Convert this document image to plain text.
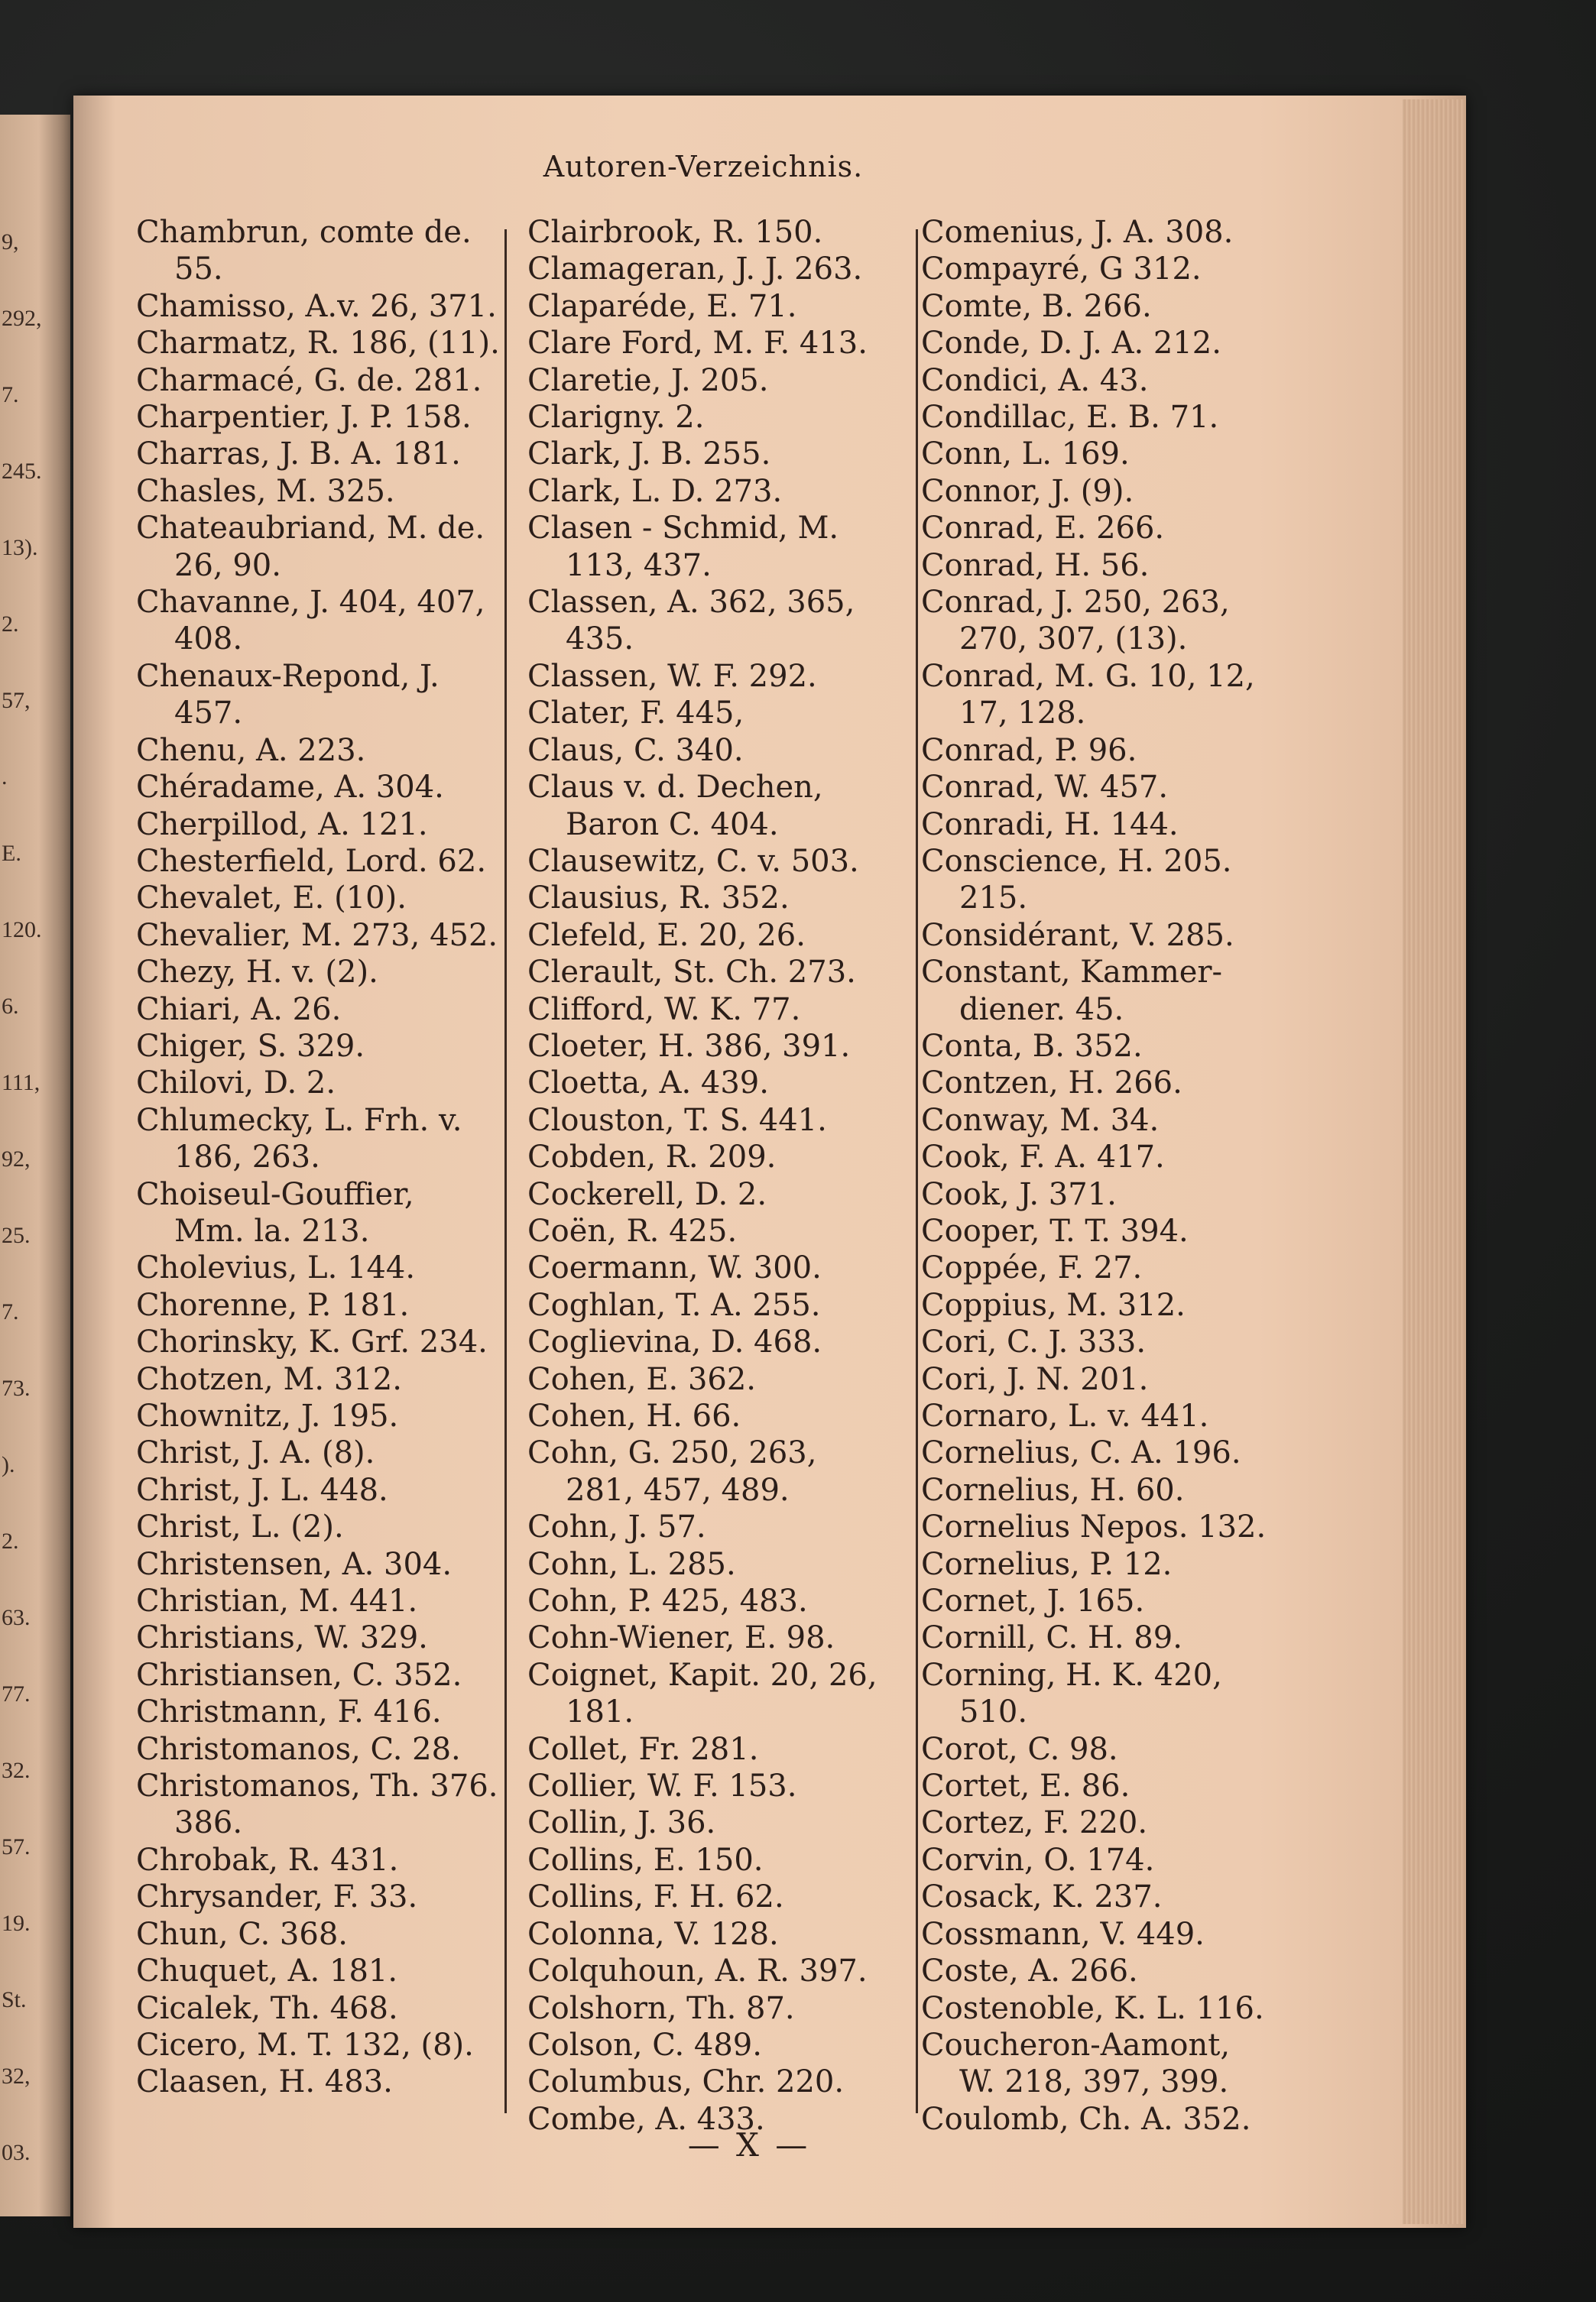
9,
292,
7.
245.
13).
2.
57,
.
E.
120.
6.
111,
92,
25.
7.
73.
).
2.
63.
77.
32.
57.
19.
St.
32,
03.
Autoren-Verzeichnis.
Chambrun, comte de.
55.
Chamisso, A.v. 26, 371.
Charmatz, R. 186, (11).
Charmacé, G. de. 281.
Charpentier, J. P. 158.
Charras, J. B. A. 181.
Chasles, M. 325.
Chateaubriand, M. de.
26, 90.
Chavanne, J. 404, 407,
408.
Chenaux-Repond, J.
457.
Chenu, A. 223.
Chéradame, A. 304.
Cherpillod, A. 121.
Chesterfield, Lord. 62.
Chevalet, E. (10).
Chevalier, M. 273, 452.
Chezy, H. v. (2).
Chiari, A. 26.
Chiger, S. 329.
Chilovi, D. 2.
Chlumecky, L. Frh. v.
186, 263.
Choiseul-Gouffier,
Mm. la. 213.
Cholevius, L. 144.
Chorenne, P. 181.
Chorinsky, K. Grf. 234.
Chotzen, M. 312.
Chownitz, J. 195.
Christ, J. A. (8).
Christ, J. L. 448.
Christ, L. (2).
Christensen, A. 304.
Christian, M. 441.
Christians, W. 329.
Christiansen, C. 352.
Christmann, F. 416.
Christomanos, C. 28.
Christomanos, Th. 376.
386.
Chrobak, R. 431.
Chrysander, F. 33.
Chun, C. 368.
Chuquet, A. 181.
Cicalek, Th. 468.
Cicero, M. T. 132, (8).
Claasen, H. 483.
Clairbrook, R. 150.
Clamageran, J. J. 263.
Claparéde, E. 71.
Clare Ford, M. F. 413.
Claretie, J. 205.
Clarigny. 2.
Clark, J. B. 255.
Clark, L. D. 273.
Clasen - Schmid, M.
113, 437.
Classen, A. 362, 365,
435.
Classen, W. F. 292.
Clater, F. 445,
Claus, C. 340.
Claus v. d. Dechen,
Baron C. 404.
Clausewitz, C. v. 503.
Clausius, R. 352.
Clefeld, E. 20, 26.
Clerault, St. Ch. 273.
Clifford, W. K. 77.
Cloeter, H. 386, 391.
Cloetta, A. 439.
Clouston, T. S. 441.
Cobden, R. 209.
Cockerell, D. 2.
Coën, R. 425.
Coermann, W. 300.
Coghlan, T. A. 255.
Coglievina, D. 468.
Cohen, E. 362.
Cohen, H. 66.
Cohn, G. 250, 263,
281, 457, 489.
Cohn, J. 57.
Cohn, L. 285.
Cohn, P. 425, 483.
Cohn-Wiener, E. 98.
Coignet, Kapit. 20, 26,
181.
Collet, Fr. 281.
Collier, W. F. 153.
Collin, J. 36.
Collins, E. 150.
Collins, F. H. 62.
Colonna, V. 128.
Colquhoun, A. R. 397.
Colshorn, Th. 87.
Colson, C. 489.
Columbus, Chr. 220.
Combe, A. 433.
Comenius, J. A. 308.
Compayré, G 312.
Comte, B. 266.
Conde, D. J. A. 212.
Condici, A. 43.
Condillac, E. B. 71.
Conn, L. 169.
Connor, J. (9).
Conrad, E. 266.
Conrad, H. 56.
Conrad, J. 250, 263,
270, 307, (13).
Conrad, M. G. 10, 12,
17, 128.
Conrad, P. 96.
Conrad, W. 457.
Conradi, H. 144.
Conscience, H. 205.
215.
Considérant, V. 285.
Constant, Kammer-
diener. 45.
Conta, B. 352.
Contzen, H. 266.
Conway, M. 34.
Cook, F. A. 417.
Cook, J. 371.
Cooper, T. T. 394.
Coppée, F. 27.
Coppius, M. 312.
Cori, C. J. 333.
Cori, J. N. 201.
Cornaro, L. v. 441.
Cornelius, C. A. 196.
Cornelius, H. 60.
Cornelius Nepos. 132.
Cornelius, P. 12.
Cornet, J. 165.
Cornill, C. H. 89.
Corning, H. K. 420,
510.
Corot, C. 98.
Cortet, E. 86.
Cortez, F. 220.
Corvin, O. 174.
Cosack, K. 237.
Cossmann, V. 449.
Coste, A. 266.
Costenoble, K. L. 116.
Coucheron-Aamont,
W. 218, 397, 399.
Coulomb, Ch. A. 352.
— X —
